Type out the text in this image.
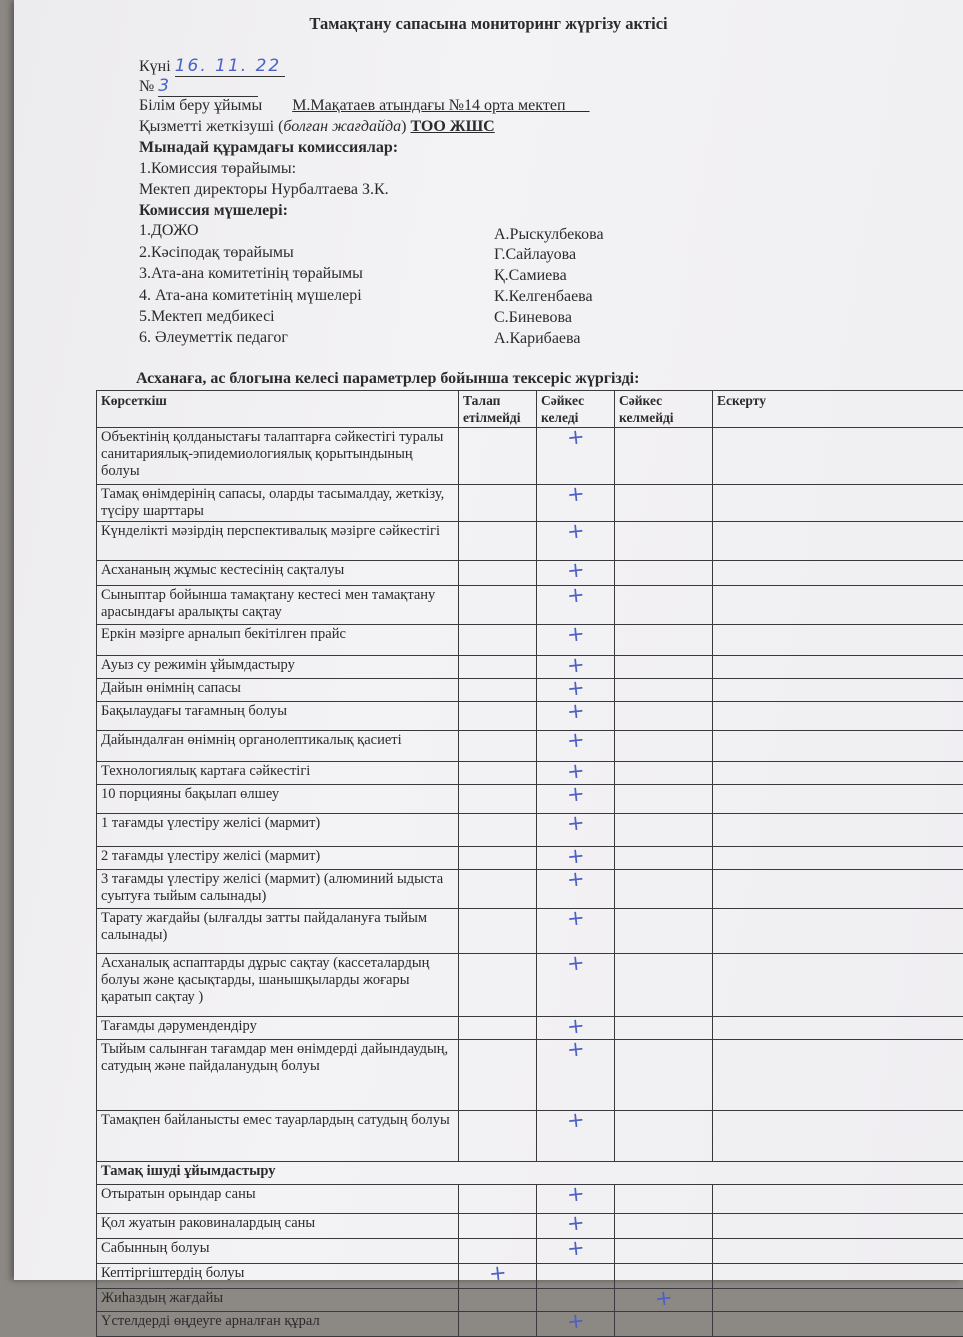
Тамақтану сапасына мониторинг жүргізу актісі
Күні 16. 11. 22
№ 3
Білім беру ұйымы М.Мақатаев атындағы №14 орта мектеп___
Қызметті жеткізуші (болған жағдайда) ТОО ЖШС
Мынадай құрамдағы комиссиялар:
1.Комиссия төрайымы:
Мектеп директоры Нурбалтаева З.К.
Комиссия мүшелері:
1.ДОЖО	А.Рыскулбекова
2.Кәсіподақ төрайымы	Г.Сайлауова
3.Ата-ана комитетінің төрайымы	Қ.Самиева
4. Ата-ана комитетінің мүшелері	К.Келгенбаева
5.Мектеп медбикесі	С.Биневова
6. Әлеуметтік педагог	А.Карибаева
Асханаға, ас блогына келесі параметрлер бойынша тексеріс жүргізді:
Көрсеткіш	Талап етілмейді	Сәйкес келеді	Сәйкес келмейді	Ескерту
Объектінің қолданыстағы талаптарға сәйкестігі туралы санитариялық-эпидемиологиялық қорытындының болуы		+		
Тамақ өнімдерінің сапасы, оларды тасымалдау, жеткізу, түсіру шарттары		+		
Күнделікті мәзірдің перспективалық мәзірге сәйкестігі		+		
Асхананың жұмыс кестесінің сақталуы		+		
Сыныптар бойынша тамақтану кестесі мен тамақтану арасындағы аралықты сақтау		+		
Еркін мәзірге арналып бекітілген прайс		+		
Ауыз су режимін ұйымдастыру		+		
Дайын өнімнің сапасы		+		
Бақылаудағы тағамның болуы		+		
Дайындалған өнімнің органолептикалық қасиеті		+		
Технологиялық картаға сәйкестігі		+		
10 порцияны бақылап өлшеу		+		
1 тағамды үлестіру желісі (мармит)		+		
2 тағамды үлестіру желісі (мармит)		+		
3 тағамды үлестіру желісі (мармит) (алюминий ыдыста суытуға тыйым салынады)		+		
Тарату жағдайы (ылғалды затты пайдалануға тыйым салынады)		+		
Асханалық аспаптарды дұрыс сақтау (кассеталардың болуы және қасықтарды, шанышқыларды жоғары қаратып сақтау )		+		
Тағамды дәрумендендіру		+		
Тыйым салынған тағамдар мен өнімдерді дайындаудың, сатудың және пайдаланудың болуы		+		
Тамақпен байланысты емес тауарлардың сатудың болуы		+		
Тамақ ішуді ұйымдастыру				
Отыратын орындар саны		+		
Қол жуатын раковиналардың саны		+		
Сабынның болуы		+		
Кептіргіштердің болуы	+			
Жиһаздың жағдайы			+	
Үстелдерді өңдеуге арналған құрал		+		
